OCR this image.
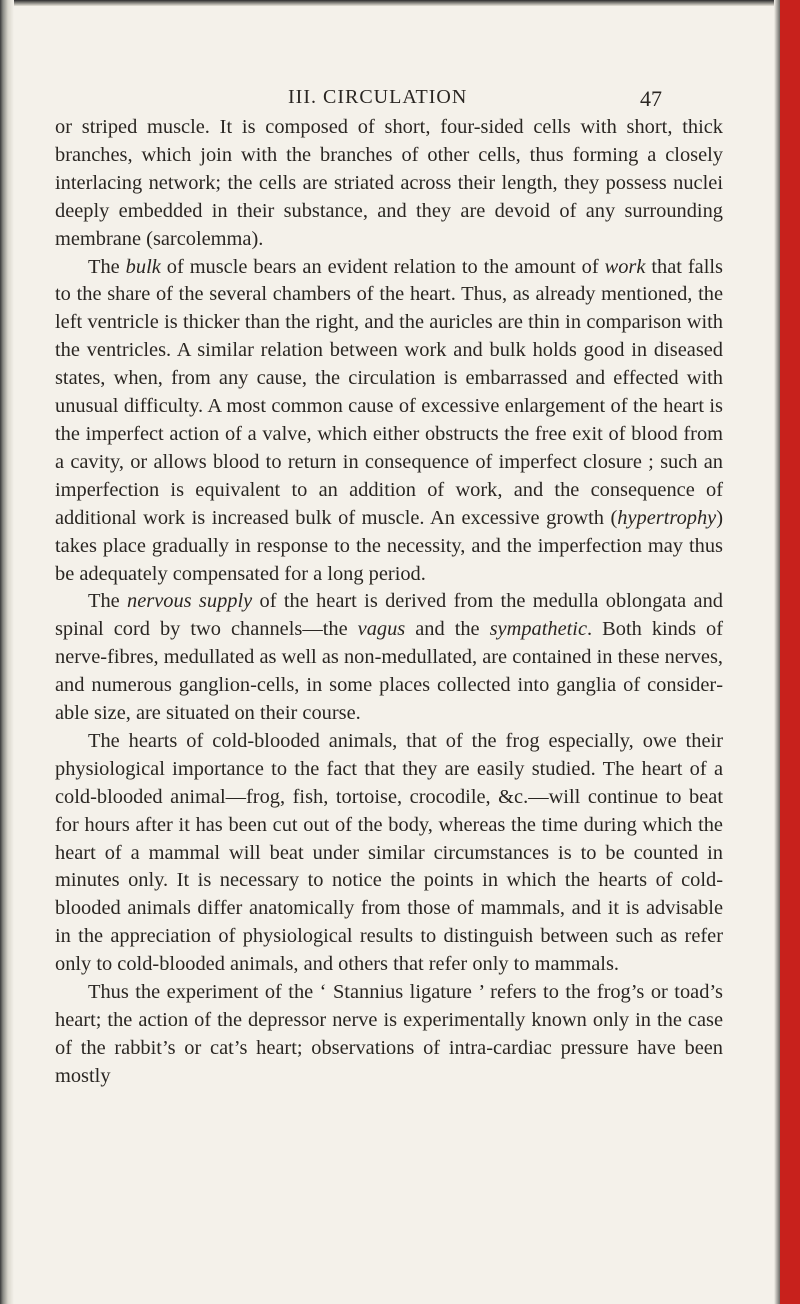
III. CIRCULATION	47

or striped muscle. It is composed of short, four-sided cells with short, thick branches, which join with the branches of other cells, thus forming a closely interlacing network; the cells are striated across their length, they possess nuclei deeply embedded in their substance, and they are devoid of any surrounding membrane (sarcolemma).

The bulk of muscle bears an evident relation to the amount of work that falls to the share of the several chambers of the heart. Thus, as already mentioned, the left ventricle is thicker than the right, and the auricles are thin in comparison with the ventricles. A similar relation between work and bulk holds good in diseased states, when, from any cause, the circulation is embarrassed and effected with unusual difficulty. A most common cause of excessive enlargement of the heart is the imperfect action of a valve, which either obstructs the free exit of blood from a cavity, or allows blood to return in consequence of imperfect closure ; such an imperfection is equivalent to an addition of work, and the consequence of additional work is increased bulk of muscle. An excessive growth (hypertrophy) takes place gradually in response to the necessity, and the imperfection may thus be adequately compensated for a long period.

The nervous supply of the heart is derived from the medulla oblongata and spinal cord by two channels—the vagus and the sympathetic. Both kinds of nerve-fibres, medullated as well as non-medullated, are contained in these nerves, and numerous ganglion-cells, in some places collected into ganglia of considerable size, are situated on their course.

The hearts of cold-blooded animals, that of the frog especially, owe their physiological importance to the fact that they are easily studied. The heart of a cold-blooded animal—frog, fish, tortoise, crocodile, &c.—will continue to beat for hours after it has been cut out of the body, whereas the time during which the heart of a mammal will beat under similar circumstances is to be counted in minutes only. It is necessary to notice the points in which the hearts of cold-blooded animals differ anatomically from those of mammals, and it is advisable in the appreciation of physiological results to distinguish between such as refer only to cold-blooded animals, and others that refer only to mammals.

Thus the experiment of the ‘ Stannius ligature ’ refers to the frog’s or toad’s heart; the action of the depressor nerve is experimentally known only in the case of the rabbit’s or cat’s heart; observations of intra-cardiac pressure have been mostly
